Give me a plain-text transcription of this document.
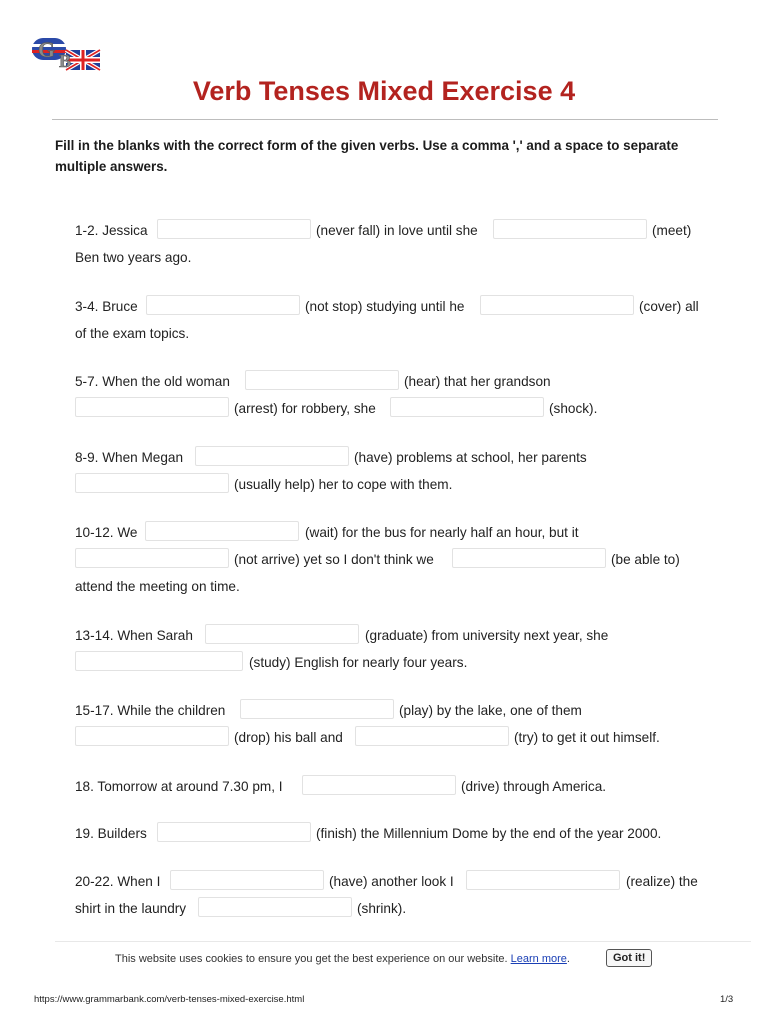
G B
Verb Tenses Mixed Exercise 4
Fill in the blanks with the correct form of the given verbs. Use a comma ',' and a space to separate multiple answers.
1-2. Jessica	(never fall) in love until she	(meet)
Ben two years ago.
3-4. Bruce	(not stop) studying until he	(cover) all
of the exam topics.
5-7. When the old woman	(hear) that her grandson
(arrest) for robbery, she	(shock).
8-9. When Megan	(have) problems at school, her parents
(usually help) her to cope with them.
10-12. We	(wait) for the bus for nearly half an hour, but it
(not arrive) yet so I don't think we	(be able to)
attend the meeting on time.
13-14. When Sarah	(graduate) from university next year, she
(study) English for nearly four years.
15-17. While the children	(play) by the lake, one of them
(drop) his ball and	(try) to get it out himself.
18. Tomorrow at around 7.30 pm, I	(drive) through America.
19. Builders	(finish) the Millennium Dome by the end of the year 2000.
20-22. When I	(have) another look I	(realize) the
shirt in the laundry	(shrink).
This website uses cookies to ensure you get the best experience on our website. Learn more.	Got it!
https://www.grammarbank.com/verb-tenses-mixed-exercise.html	1/3
